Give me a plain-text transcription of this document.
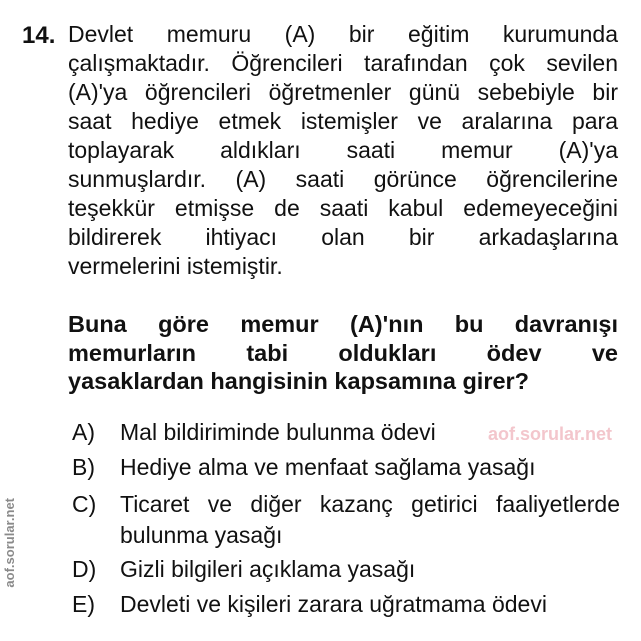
14. Devlet memuru (A) bir eğitim kurumunda
çalışmaktadır. Öğrencileri tarafından çok sevilen
(A)'ya öğrencileri öğretmenler günü sebebiyle bir
saat hediye etmek istemişler ve aralarına para
toplayarak aldıkları saati memur (A)'ya
sunmuşlardır. (A) saati görünce öğrencilerine
teşekkür etmişse de saati kabul edemeyeceğini
bildirerek ihtiyacı olan bir arkadaşlarına
vermelerini istemiştir.
Buna göre memur (A)'nın bu davranışı
memurların tabi oldukları ödev ve
yasaklardan hangisinin kapsamına girer?
aof.sorular.net
A)	Mal bildiriminde bulunma ödevi
B)	Hediye alma ve menfaat sağlama yasağı
C)	Ticaret ve diğer kazanç getirici faaliyetlerde
bulunma yasağı
D)	Gizli bilgileri açıklama yasağı
E)	Devleti ve kişileri zarara uğratmama ödevi
aof.sorular.net
